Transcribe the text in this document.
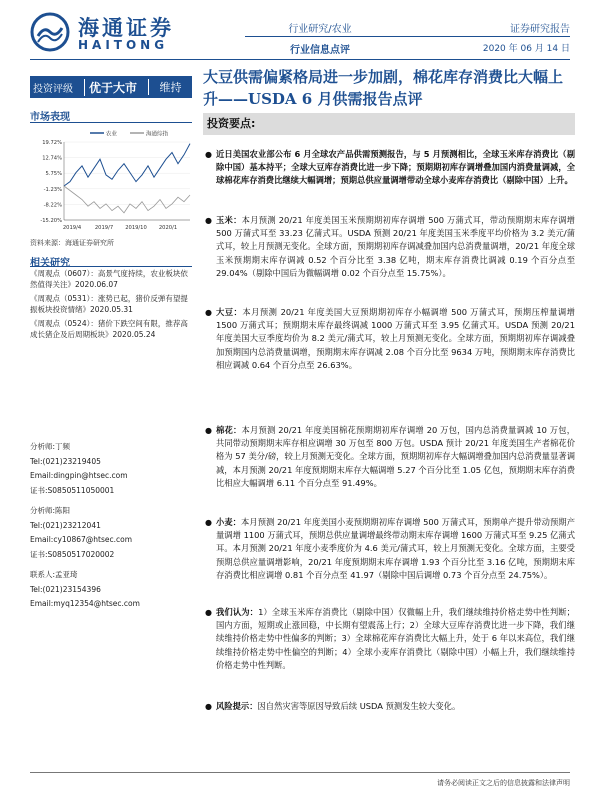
海通证券
HAITONG
行业研究/农业
行业信息点评
证券研究报告
2020 年 06 月 14 日
大豆供需偏紧格局进一步加剧，棉花库存消费比大幅上升——USDA 6 月供需报告点评
投资评级	优于大市	维持
市场表现
农业	海通综指
19.72%
12.74%
5.75%
-1.23%
-8.22%
-15.20%
2019/4	2019/7 2019/10 2020/1
资料来源：海通证券研究所
相关研究
《周观点（0607）：高景气度持续，农业板块依然值得关注》2020.06.07
《周观点（0531）：涨势已起，猪价反弹有望提振板块投资情绪》2020.05.31
《周观点（0524）：猪价下跌空间有限，推荐高成长猪企及后周期板块》2020.05.24
分析师:丁频
Tel:(021)23219405
Email:dingpin@htsec.com
证书:S0850511050001
分析师:陈阳
Tel:(021)23212041
Email:cy10867@htsec.com
证书:S0850517020002
联系人:孟亚琦
Tel:(021)23154396
Email:myq12354@htsec.com
投资要点:
● 近日美国农业部公布 6 月全球农产品供需预测报告，与 5 月预测相比，全球玉米库存消费比（剔除中国）基本持平；全球大豆库存消费比进一步下降；预期期初库存调增叠加国内消费量调减，全球棉花库存消费比继续大幅调增；预期总供应量调增带动全球小麦库存消费比（剔除中国）上升。
● 玉米：本月预测 20/21 年度美国玉米预期期初库存调增 500 万蒲式耳，带动预期期末库存调增 500 万蒲式耳至 33.23 亿蒲式耳。USDA 预测 20/21 年度美国玉米季度平均价格为 3.2 美元/蒲式耳，较上月预测无变化。全球方面，预期期初库存调减叠加国内总消费量调增，20/21 年度全球玉米预期期末库存调减 0.52 个百分比至 3.38 亿吨，期末库存消费比调减 0.19 个百分点至 29.04%（剔除中国后为微幅调增 0.02 个百分点至 15.75%）。
● 大豆：本月预测 20/21 年度美国大豆预期期初库存小幅调增 500 万蒲式耳，预期压榨量调增 1500 万蒲式耳；预期期末库存最终调减 1000 万蒲式耳至 3.95 亿蒲式耳。USDA 预测 20/21 年度美国大豆季度均价为 8.2 美元/蒲式耳，较上月预测无变化。全球方面，预期期初库存调减叠加预期国内总消费量调增，预期期末库存调减 2.08 个百分比至 9634 万吨，预期期末库存消费比相应调减 0.64 个百分点至 26.63%。
● 棉花：本月预测 20/21 年度美国棉花预期期初库存调增 20 万包，国内总消费量调减 10 万包，共同带动预期期末库存相应调增 30 万包至 800 万包。USDA 预计 20/21 年度美国生产者棉花价格为 57 美分/磅，较上月预测无变化。全球方面，预期期初库存大幅调增叠加国内总消费量显著调减，本月预测 20/21 年度预期期末库存大幅调增 5.27 个百分比至 1.05 亿包，预期期末库存消费比相应大幅调增 6.11 个百分点至 91.49%。
● 小麦：本月预测 20/21 年度美国小麦预期期初库存调增 500 万蒲式耳，预期单产提升带动预期产量调增 1100 万蒲式耳，预期总供应量调增最终带动期末库存调增 1600 万蒲式耳至 9.25 亿蒲式耳。本月预测 20/21 年度小麦季度价为 4.6 美元/蒲式耳，较上月预测无变化。全球方面，主要受预期总供应量调增影响，20/21 年度预期期末库存调增 1.93 个百分比至 3.16 亿吨，预期期末库存消费比相应调增 0.81 个百分点至 41.97（剔除中国后调增 0.73 个百分点至 24.75%）。
● 我们认为：1）全球玉米库存消费比（剔除中国）仅微幅上升，我们继续维持价格走势中性判断；国内方面，短期或止涨回稳，中长期有望震荡上行；2）全球大豆库存消费比进一步下降，我们继续维持价格走势中性偏多的判断；3）全球棉花库存消费比大幅上升，处于 6 年以来高位，我们继续维持价格走势中性偏空的判断；4）全球小麦库存消费比（剔除中国）小幅上升，我们继续维持价格走势中性判断。
● 风险提示：因自然灾害等原因导致后续 USDA 预测发生较大变化。
请务必阅读正文之后的信息披露和法律声明
